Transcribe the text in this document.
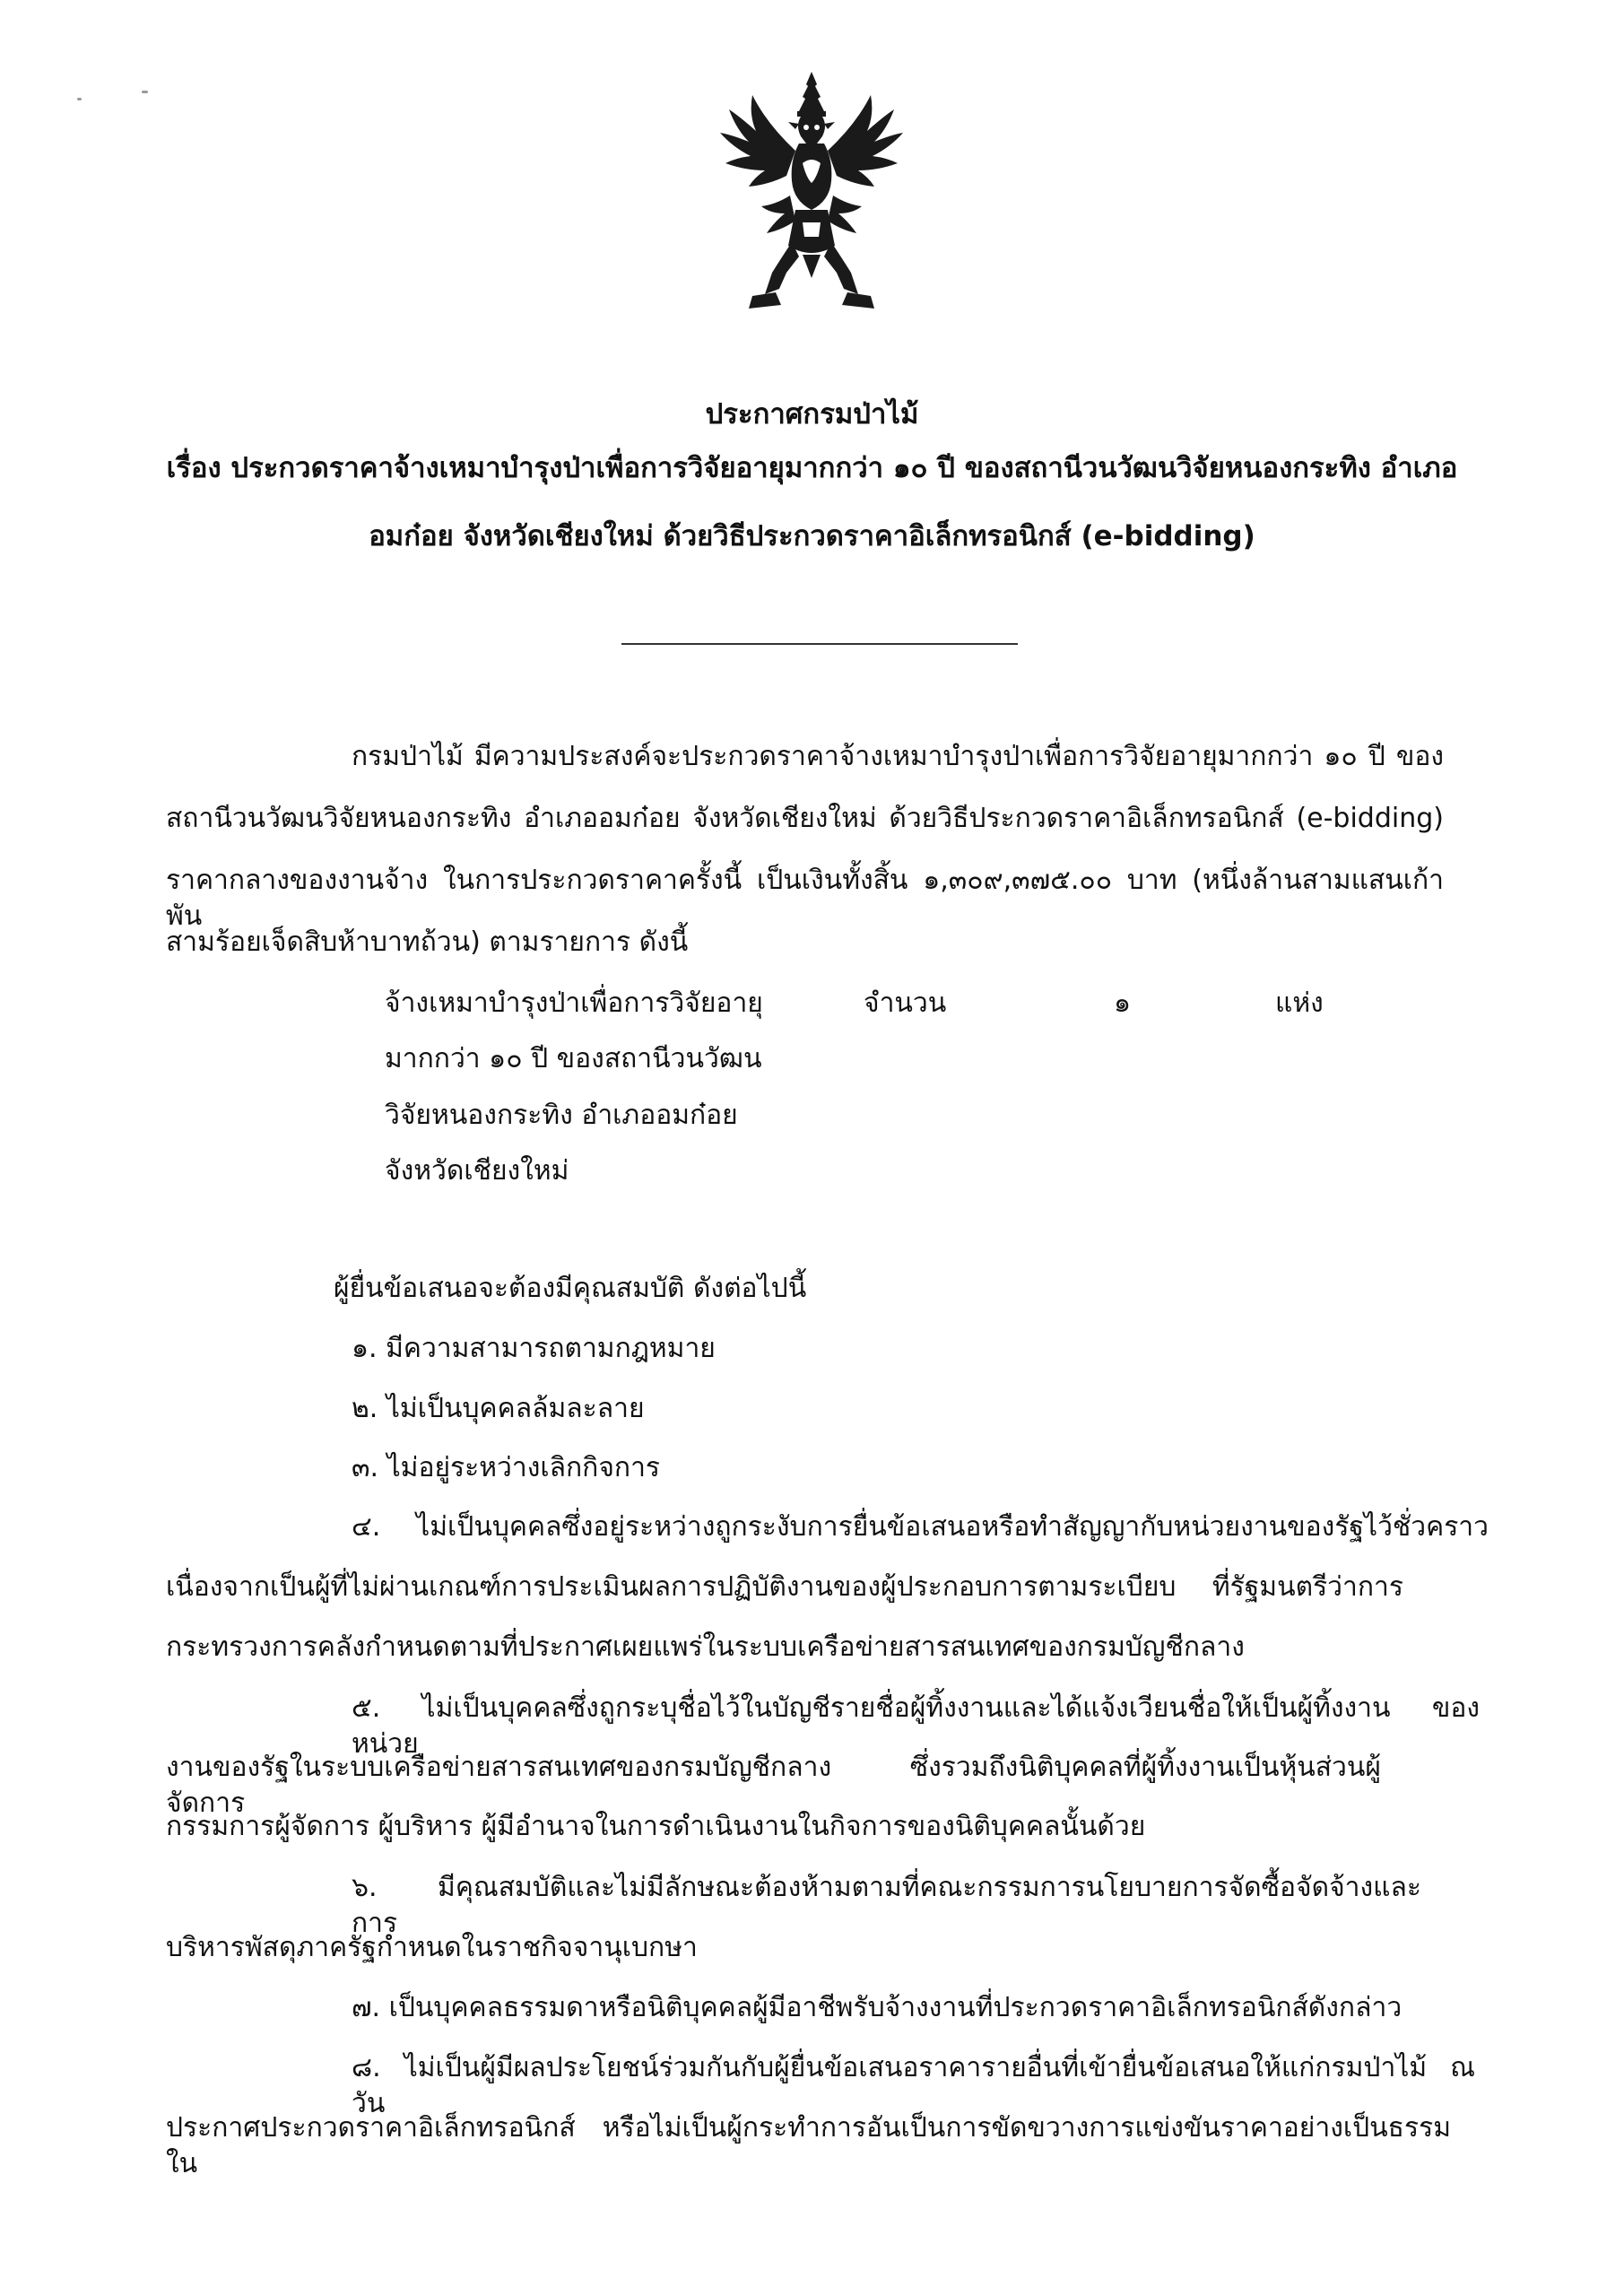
ประกาศกรมป่าไม้

เรื่อง ประกวดราคาจ้างเหมาบำรุงป่าเพื่อการวิจัยอายุมากกว่า ๑๐ ปี ของสถานีวนวัฒนวิจัยหนองกระทิง อำเภอ

อมก๋อย จังหวัดเชียงใหม่ ด้วยวิธีประกวดราคาอิเล็กทรอนิกส์ (e-bidding)

กรมป่าไม้ มีความประสงค์จะประกวดราคาจ้างเหมาบำรุงป่าเพื่อการวิจัยอายุมากกว่า ๑๐ ปี ของ

สถานีวนวัฒนวิจัยหนองกระทิง อำเภออมก๋อย จังหวัดเชียงใหม่ ด้วยวิธีประกวดราคาอิเล็กทรอนิกส์ (e-bidding)

ราคากลางของงานจ้าง ในการประกวดราคาครั้งนี้ เป็นเงินทั้งสิ้น ๑,๓๐๙,๓๗๕.๐๐ บาท (หนึ่งล้านสามแสนเก้าพัน

สามร้อยเจ็ดสิบห้าบาทถ้วน) ตามรายการ ดังนี้

จ้างเหมาบำรุงป่าเพื่อการวิจัยอายุ	จำนวน	๑	แห่ง

มากกว่า ๑๐ ปี ของสถานีวนวัฒน

วิจัยหนองกระทิง อำเภออมก๋อย

จังหวัดเชียงใหม่

ผู้ยื่นข้อเสนอจะต้องมีคุณสมบัติ ดังต่อไปนี้

๑. มีความสามารถตามกฎหมาย

๒. ไม่เป็นบุคคลล้มละลาย

๓. ไม่อยู่ระหว่างเลิกกิจการ

๔. ไม่เป็นบุคคลซึ่งอยู่ระหว่างถูกระงับการยื่นข้อเสนอหรือทำสัญญากับหน่วยงานของรัฐไว้ชั่วคราว

เนื่องจากเป็นผู้ที่ไม่ผ่านเกณฑ์การประเมินผลการปฏิบัติงานของผู้ประกอบการตามระเบียบ ที่รัฐมนตรีว่าการ

กระทรวงการคลังกำหนดตามที่ประกาศเผยแพร่ในระบบเครือข่ายสารสนเทศของกรมบัญชีกลาง

๕. ไม่เป็นบุคคลซึ่งถูกระบุชื่อไว้ในบัญชีรายชื่อผู้ทิ้งงานและได้แจ้งเวียนชื่อให้เป็นผู้ทิ้งงาน ของหน่วย

งานของรัฐในระบบเครือข่ายสารสนเทศของกรมบัญชีกลาง ซึ่งรวมถึงนิติบุคคลที่ผู้ทิ้งงานเป็นหุ้นส่วนผู้จัดการ

กรรมการผู้จัดการ ผู้บริหาร ผู้มีอำนาจในการดำเนินงานในกิจการของนิติบุคคลนั้นด้วย

๖. มีคุณสมบัติและไม่มีลักษณะต้องห้ามตามที่คณะกรรมการนโยบายการจัดซื้อจัดจ้างและ การ

บริหารพัสดุภาครัฐกำหนดในราชกิจจานุเบกษา

๗. เป็นบุคคลธรรมดาหรือนิติบุคคลผู้มีอาชีพรับจ้างงานที่ประกวดราคาอิเล็กทรอนิกส์ดังกล่าว

๘. ไม่เป็นผู้มีผลประโยชน์ร่วมกันกับผู้ยื่นข้อเสนอราคารายอื่นที่เข้ายื่นข้อเสนอให้แก่กรมป่าไม้ ณ วัน

ประกาศประกวดราคาอิเล็กทรอนิกส์ หรือไม่เป็นผู้กระทำการอันเป็นการขัดขวางการแข่งขันราคาอย่างเป็นธรรม ใน
